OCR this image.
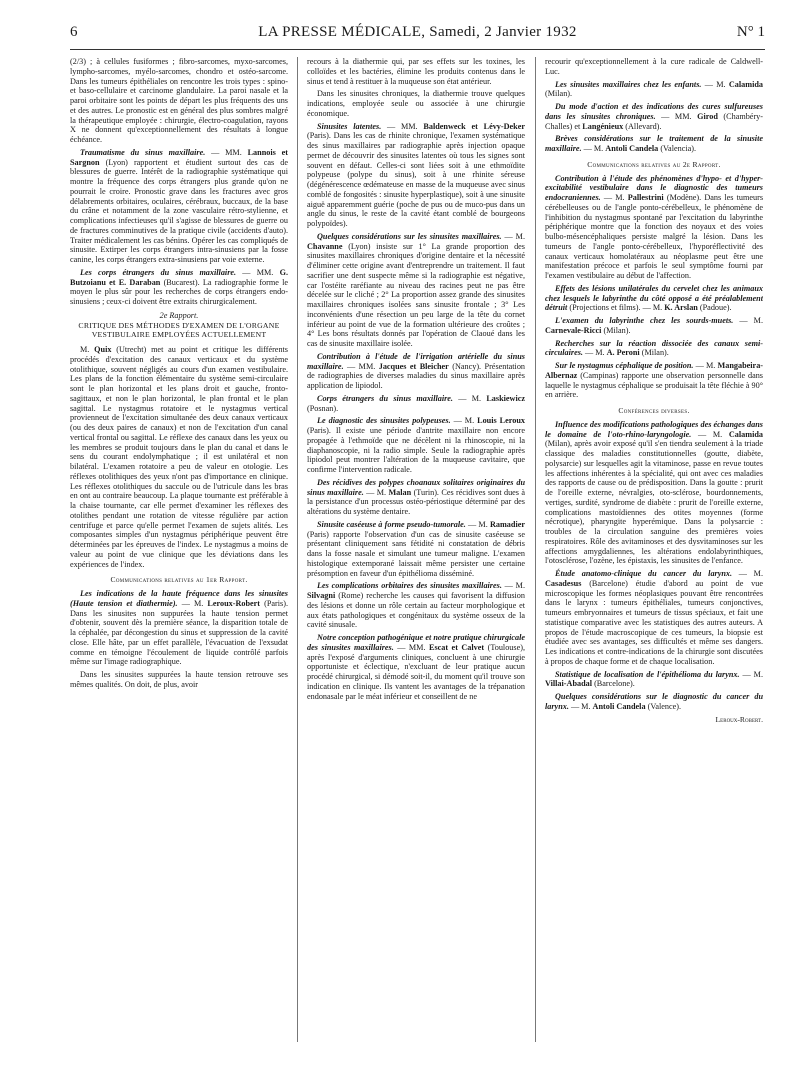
6	LA PRESSE MÉDICALE, Samedi, 2 Janvier 1932	N° 1

(2/3) ; à cellules fusiformes ; fibro-sarcomes, myxo-sarcomes, lympho-sarcomes, myélo-sarcomes, chondro et ostéo-sarcome. Dans les tumeurs épithéliales on rencontre les trois types : spino- et baso-cellulaire et carcinome glandulaire. La paroi nasale et la paroi orbitaire sont les points de départ les plus fréquents des uns et des autres. Le pronostic est en général des plus sombres malgré la thérapeutique employée : chirurgie, électro-coagulation, rayons X ne donnent qu'exceptionnellement des résultats à longue échéance.

Traumatisme du sinus maxillaire. — MM. Lannois et Sargnon (Lyon) rapportent et étudient surtout des cas de blessures de guerre. Intérêt de la radiographie systématique qui montre la fréquence des corps étrangers plus grande qu'on ne pourrait le croire. Pronostic grave dans les fractures avec gros délabrements orbitaires, oculaires, cérébraux, buccaux, de la base du crâne et notamment de la zone vasculaire rétro-stylienne, et complications infectieuses qu'il s'agisse de blessures de guerre ou de fractures comminutives de la pratique civile (accidents d'auto). Traiter médicalement les cas bénins. Opérer les cas compliqués de sinusite. Extirper les corps étrangers intra-sinusiens par la fosse canine, les corps étrangers extra-sinusiens par voie externe.

Les corps étrangers du sinus maxillaire. — MM. G. Butzoianu et E. Daraban (Bucarest). La radiographie forme le moyen le plus sûr pour les recherches de corps étrangers endo-sinusiens ; ceux-ci doivent être extraits chirurgicalement.

2e Rapport.

CRITIQUE DES MÉTHODES D'EXAMEN DE L'ORGANE VESTIBULAIRE EMPLOYÉES ACTUELLEMENT

M. Quix (Utrecht) met au point et critique les différents procédés d'excitation des canaux verticaux et du système otolithique, souvent négligés au cours d'un examen vestibulaire. Les plans de la fonction élémentaire du système semi-circulaire sont le plan horizontal et les plans droit et gauche, fronto-sagittaux, et non le plan horizontal, le plan frontal et le plan sagittal. Le nystagmus rotatoire et le nystagmus vertical provienneut de l'excitation simultanée des deux canaux verticaux (ou des deux paires de canaux) et non de l'excitation d'un canal vertical frontal ou sagittal. Le réflexe des canaux dans les yeux ou les membres se produit toujours dans le plan du canal et dans le sens du courant endolymphatique ; il est unilatéral et non bilatéral. L'examen rotatoire a peu de valeur en otologie. Les réflexes otolithiques des yeux n'ont pas d'importance en clinique. Les réflexes otolithiques du saccule ou de l'utricule dans les bras en ont au contraire beaucoup. La plaque tournante est préférable à la chaise tournante, car elle permet d'examiner les réflexes des otolithes pendant une rotation de vitesse régulière par action centrifuge et parce qu'elle permet l'examen de sujets alités. Les composantes simples d'un nystagmus périphérique peuvent être déterminées par les épreuves de l'index. Le nystagmus a moins de valeur au point de vue clinique que les déviations dans les expériences de l'index.

Communications relatives au 1er Rapport.

Les indications de la haute fréquence dans les sinusites (Haute tension et diathermie). — M. Leroux-Robert (Paris). Dans les sinusites non suppurées la haute tension permet d'obtenir, souvent dès la première séance, la disparition totale de la céphalée, par décongestion du sinus et suppression de la cavité close. Elle hâte, par un effet parallèle, l'évacuation de l'exsudat comme en témoigne l'écoulement de liquide contrôlé parfois même sur l'image radiographique.

Dans les sinusites suppurées la haute tension retrouve ses mêmes qualités. On doit, de plus, avoir

recours à la diathermie qui, par ses effets sur les toxines, les colloïdes et les bactéries, élimine les produits contenus dans le sinus et tend à restituer à la muqueuse son état antérieur.

Dans les sinusites chroniques, la diathermie trouve quelques indications, employée seule ou associée à une chirurgie économique.

Sinusites latentes. — MM. Baldenweck et Lévy-Deker (Paris). Dans les cas de rhinite chronique, l'examen systématique des sinus maxillaires par radiographie après injection opaque permet de découvrir des sinusites latentes où tous les signes sont souvent en défaut. Celles-ci sont liées soit à une ethmoïdite polypeuse (polype du sinus), soit à une rhinite séreuse (dégénérescence œdémateuse en masse de la muqueuse avec sinus comblé de fongosités : sinusite hyperplastique), soit à une sinusite aiguë apparemment guérie (poche de pus ou de muco-pus dans un angle du sinus, le reste de la cavité étant comblé de bourgeons polypoïdes).

Quelques considérations sur les sinusites maxillaires. — M. Chavanne (Lyon) insiste sur 1° La grande proportion des sinusites maxillaires chroniques d'origine dentaire et la nécessité d'éliminer cette origine avant d'entreprendre un traitement. Il faut sacrifier une dent suspecte même si la radiographie est négative, car l'ostéite raréfiante au niveau des racines peut ne pas être décelée sur le cliché ; 2° La proportion assez grande des sinusites maxillaires chroniques isolées sans sinusite frontale ; 3° Les inconvénients d'une résection un peu large de la tête du cornet inférieur au point de vue de la formation ultérieure des croûtes ; 4° Les bons résultats donnés par l'opération de Claoué dans les cas de sinusite maxillaire isolée.

Contribution à l'étude de l'irrigation artérielle du sinus maxillaire. — MM. Jacques et Bleicher (Nancy). Présentation de radiographies de diverses maladies du sinus maxillaire après application de lipiodol.

Corps étrangers du sinus maxillaire. — M. Laskiewicz (Posnan).

Le diagnostic des sinusites polypeuses. — M. Louis Leroux (Paris). Il existe une période d'antrite maxillaire non encore propagée à l'ethmoïde que ne décèlent ni la rhinoscopie, ni la diaphanoscopie, ni la radio simple. Seule la radiographie après lipiodol peut montrer l'altération de la muqueuse cavitaire, que confirme l'intervention radicale.

Des récidives des polypes choanaux solitaires originaires du sinus maxillaire. — M. Malan (Turin). Ces récidives sont dues à la persistance d'un processus ostéo-périostique déterminé par des altérations du système dentaire.

Sinusite caséeuse à forme pseudo-tumorale. — M. Ramadier (Paris) rapporte l'observation d'un cas de sinusite caséeuse se présentant cliniquement sans fétidité ni constatation de débris dans la fosse nasale et simulant une tumeur maligne. L'examen histologique extemporané laissait même persister une certaine présomption en faveur d'un épithélioma disséminé.

Les complications orbitaires des sinusites maxillaires. — M. Silvagni (Rome) recherche les causes qui favorisent la diffusion des lésions et donne un rôle certain au facteur morphologique et aux états pathologiques et congénitaux du système osseux de la cavité sinusale.

Notre conception pathogénique et notre pratique chirurgicale des sinusites maxillaires. — MM. Escat et Calvet (Toulouse), après l'exposé d'arguments cliniques, concluent à une chirurgie opportuniste et éclectique, n'excluant de leur pratique aucun procédé chirurgical, si démodé soit-il, du moment qu'il trouve son indication en clinique. Ils vantent les avantages de la trépanation endonasale par le méat inférieur et conseillent de ne

recourir qu'exceptionnellement à la cure radicale de Caldwell-Luc.

Les sinusites maxillaires chez les enfants. — M. Calamida (Milan).

Du mode d'action et des indications des cures sulfureuses dans les sinusites chroniques. — MM. Girod (Chambéry-Challes) et Langénieux (Allevard).

Brèves considérations sur le traitement de la sinusite maxillaire. — M. Antoli Candela (Valencia).

Communications relatives au 2e Rapport.

Contribution à l'étude des phénomènes d'hypo- et d'hyper-excitabilité vestibulaire dans le diagnostic des tumeurs endocraniennes. — M. Pallestrini (Modène). Dans les tumeurs cérébelleuses ou de l'angle ponto-cérébelleux, le phénomène de l'inhibition du nystagmus spontané par l'excitation du labyrinthe périphérique montre que la fonction des noyaux et des voies bulbo-mésencéphaliques persiste malgré la lésion. Dans les tumeurs de l'angle ponto-cérébelleux, l'hyporéflectivité des canaux verticaux homolatéraux au néoplasme peut être une manifestation précoce et parfois le seul symptôme fourni par l'examen vestibulaire au début de l'affection.

Effets des lésions unilatérales du cervelet chez les animaux chez lesquels le labyrinthe du côté opposé a été préalablement détruit (Projections et films). — M. K. Arslan (Padoue).

L'examen du labyrinthe chez les sourds-muets. — M. Carnevale-Ricci (Milan).

Recherches sur la réaction dissociée des canaux semi-circulaires. — M. A. Peroni (Milan).

Sur le nystagmus céphalique de position. — M. Mangabeira-Albernaz (Campinas) rapporte une observation personnelle dans laquelle le nystagmus céphalique se produisait la tête fléchie à 90° en arrière.

Conférences diverses.

Influence des modifications pathologiques des échanges dans le domaine de l'oto-rhino-laryngologie. — M. Calamida (Milan), après avoir exposé qu'il s'en tiendra seulement à la triade classique des maladies constitutionnelles (goutte, diabète, polysarcie) sur lesquelles agit la vitaminose, passe en revue toutes les affections inhérentes à la spécialité, qui ont avec ces maladies des rapports de cause ou de prédisposition. Dans la goutte : prurit de l'oreille externe, névralgies, oto-sclérose, bourdonnements, vertiges, surdité, syndrome de diabète : prurit de l'oreille externe, complications mastoïdiennes des otites moyennes (forme nécrotique), pharyngite hyperémique. Dans la polysarcie : troubles de la circulation sanguine des premières voies respiratoires. Rôle des avitaminoses et des dysvitaminoses sur les affections amygdaliennes, les altérations endolabyrinthiques, l'otosclérose, l'ozène, les épistaxis, les sinusites de l'enfance.

Étude anatomo-clinique du cancer du larynx. — M. Casadesus (Barcelone) étudie d'abord au point de vue microscopique les formes néoplasiques pouvant être rencontrées dans le larynx : tumeurs épithéliales, tumeurs conjonctives, tumeurs embryonnaires et tumeurs de tissus spéciaux, et fait une statistique comparative avec les statistiques des autres auteurs. A propos de l'étude macroscopique de ces tumeurs, la biopsie est étudiée avec ses avantages, ses difficultés et même ses dangers. Les indications et contre-indications de la chirurgie sont discutées à propos de chaque forme et de chaque localisation.

Statistique de localisation de l'épithélioma du larynx. — M. Villai-Abadal (Barcelone).

Quelques considérations sur le diagnostic du cancer du larynx. — M. Antoli Candela (Valence).

Leroux-Robert.
